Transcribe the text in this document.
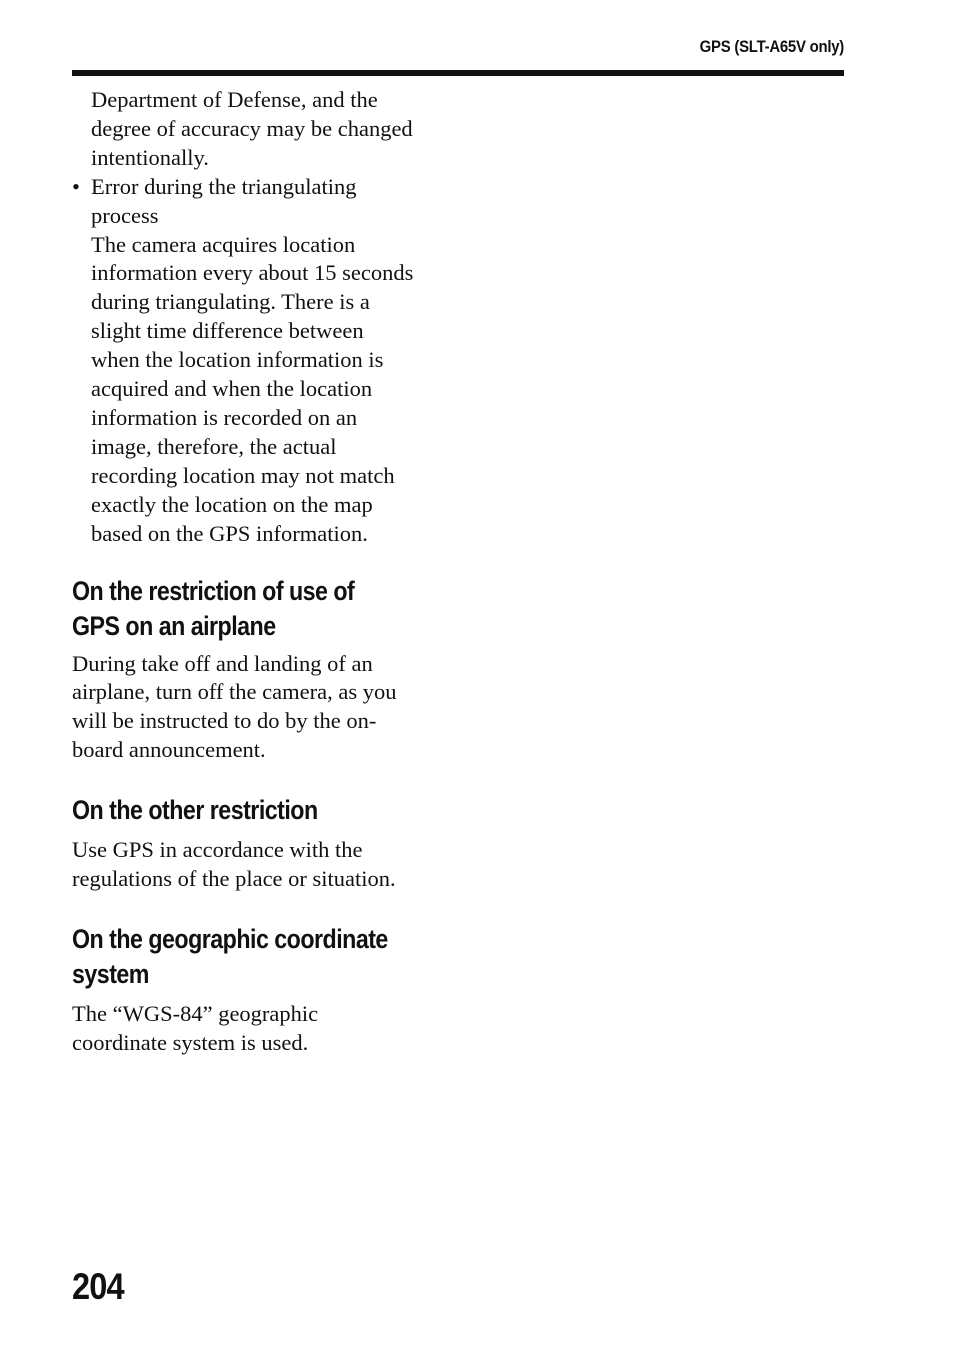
GPS (SLT-A65V only)
Department of Defense, and the
degree of accuracy may be changed
intentionally.
• Error during the triangulating
process
The camera acquires location
information every about 15 seconds
during triangulating. There is a
slight time difference between
when the location information is
acquired and when the location
information is recorded on an
image, therefore, the actual
recording location may not match
exactly the location on the map
based on the GPS information.
On the restriction of use of
GPS on an airplane

During take off and landing of an
airplane, turn off the camera, as you
will be instructed to do by the on-
board announcement.

On the other restriction

Use GPS in accordance with the
regulations of the place or situation.

On the geographic coordinate
system

The “WGS-84” geographic
coordinate system is used.

204
